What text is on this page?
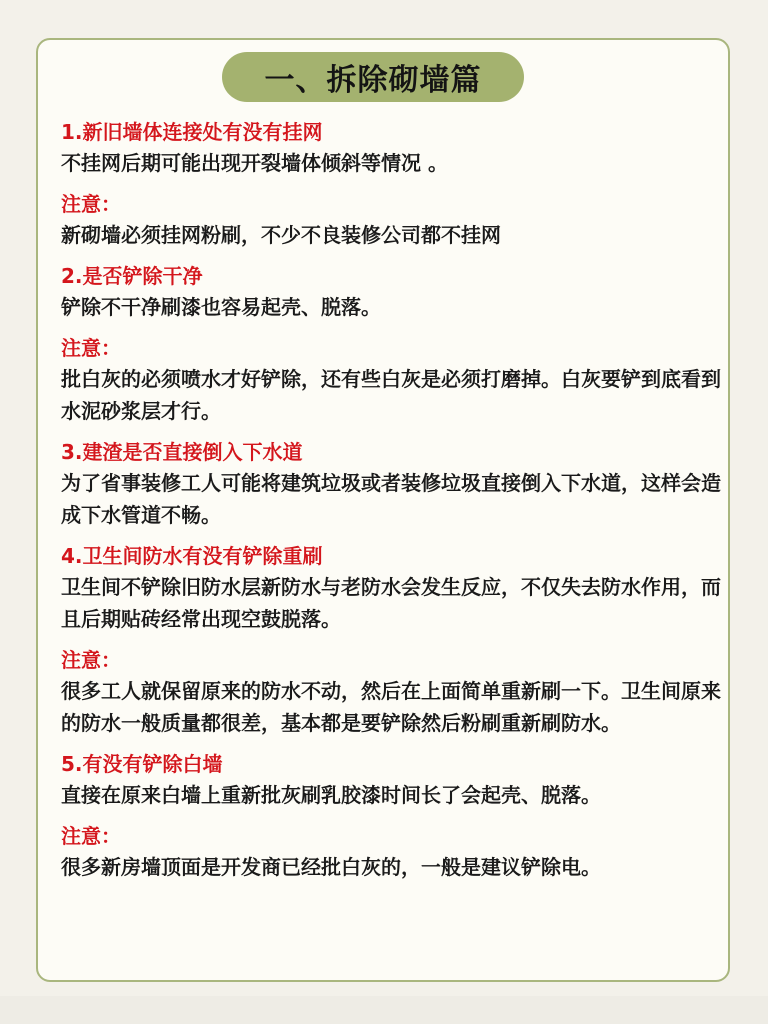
一、拆除砌墙篇

1.新旧墙体连接处有没有挂网

不挂网后期可能出现开裂墙体倾斜等情况 。

注意：

新砌墙必须挂网粉刷，不少不良装修公司都不挂网

2.是否铲除干净

铲除不干净刷漆也容易起壳、脱落。

注意：

批白灰的必须喷水才好铲除，还有些白灰是必须打磨掉。白灰要铲到底看到水泥砂浆层才行。

3.建渣是否直接倒入下水道

为了省事装修工人可能将建筑垃圾或者装修垃圾直接倒入下水道，这样会造成下水管道不畅。

4.卫生间防水有没有铲除重刷

卫生间不铲除旧防水层新防水与老防水会发生反应，不仅失去防水作用，而且后期贴砖经常出现空鼓脱落。

注意：

很多工人就保留原来的防水不动，然后在上面简单重新刷一下。卫生间原来的防水一般质量都很差，基本都是要铲除然后粉刷重新刷防水。

5.有没有铲除白墙

直接在原来白墙上重新批灰刷乳胶漆时间长了会起壳、脱落。

注意：

很多新房墙顶面是开发商已经批白灰的，一般是建议铲除电。
